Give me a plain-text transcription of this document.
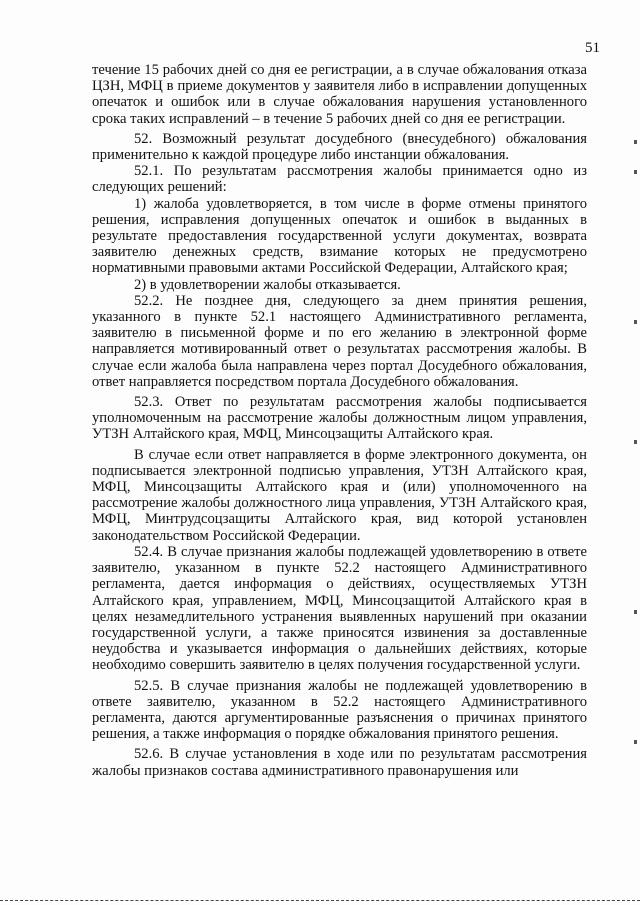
51

течение 15 рабочих дней со дня ее регистрации, а в случае обжалования отказа ЦЗН, МФЦ в приеме документов у заявителя либо в исправлении допущенных опечаток и ошибок или в случае обжалования нарушения установленного срока таких исправлений – в течение 5 рабочих дней со дня ее регистрации.

52. Возможный результат досудебного (внесудебного) обжалования применительно к каждой процедуре либо инстанции обжалования.

52.1. По результатам рассмотрения жалобы принимается одно из следующих решений:

1) жалоба удовлетворяется, в том числе в форме отмены принятого решения, исправления допущенных опечаток и ошибок в выданных в результате предоставления государственной услуги документах, возврата заявителю денежных средств, взимание которых не предусмотрено нормативными правовыми актами Российской Федерации, Алтайского края;

2) в удовлетворении жалобы отказывается.

52.2. Не позднее дня, следующего за днем принятия решения, указанного в пункте 52.1 настоящего Административного регламента, заявителю в письменной форме и по его желанию в электронной форме направляется мотивированный ответ о результатах рассмотрения жалобы. В случае если жалоба была направлена через портал Досудебного обжалования, ответ направляется посредством портала Досудебного обжалования.

52.3. Ответ по результатам рассмотрения жалобы подписывается уполномоченным на рассмотрение жалобы должностным лицом управления, УТЗН Алтайского края, МФЦ, Минсоцзащиты Алтайского края.

В случае если ответ направляется в форме электронного документа, он подписывается электронной подписью управления, УТЗН Алтайского края, МФЦ, Минсоцзащиты Алтайского края и (или) уполномоченного на рассмотрение жалобы должностного лица управления, УТЗН Алтайского края, МФЦ, Минтрудсоцзащиты Алтайского края, вид которой установлен законодательством Российской Федерации.

52.4. В случае признания жалобы подлежащей удовлетворению в ответе заявителю, указанном в пункте 52.2 настоящего Административного регламента, дается информация о действиях, осуществляемых УТЗН Алтайского края, управлением, МФЦ, Минсоцзащитой Алтайского края в целях незамедлительного устранения выявленных нарушений при оказании государственной услуги, а также приносятся извинения за доставленные неудобства и указывается информация о дальнейших действиях, которые необходимо совершить заявителю в целях получения государственной услуги.

52.5. В случае признания жалобы не подлежащей удовлетворению в ответе заявителю, указанном в 52.2 настоящего Административного регламента, даются аргументированные разъяснения о причинах принятого решения, а также информация о порядке обжалования принятого решения.

52.6. В случае установления в ходе или по результатам рассмотрения жалобы признаков состава административного правонарушения или
